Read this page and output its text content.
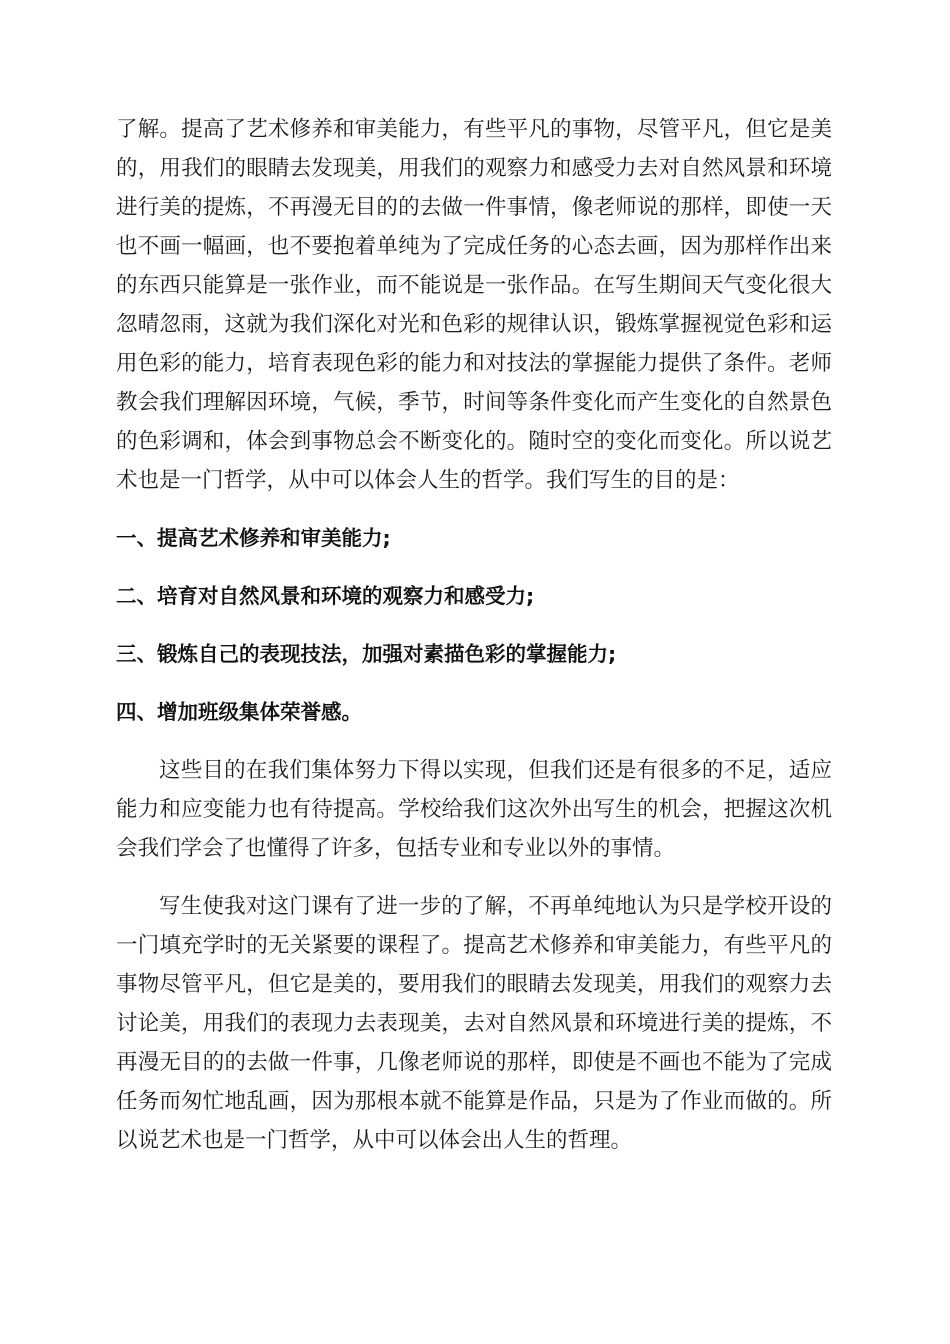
了解。提高了艺术修养和审美能力，有些平凡的事物，尽管平凡，但它是美的，用我们的眼睛去发现美，用我们的观察力和感受力去对自然风景和环境进行美的提炼，不再漫无目的的去做一件事情，像老师说的那样，即使一天也不画一幅画，也不要抱着单纯为了完成任务的心态去画，因为那样作出来的东西只能算是一张作业，而不能说是一张作品。在写生期间天气变化很大忽晴忽雨，这就为我们深化对光和色彩的规律认识，锻炼掌握视觉色彩和运用色彩的能力，培育表现色彩的能力和对技法的掌握能力提供了条件。老师教会我们理解因环境，气候，季节，时间等条件变化而产生变化的自然景色的色彩调和，体会到事物总会不断变化的。随时空的变化而变化。所以说艺术也是一门哲学，从中可以体会人生的哲学。我们写生的目的是：

一、提高艺术修养和审美能力;

二、培育对自然风景和环境的观察力和感受力;

三、锻炼自己的表现技法，加强对素描色彩的掌握能力;

四、增加班级集体荣誉感。

这些目的在我们集体努力下得以实现，但我们还是有很多的不足，适应能力和应变能力也有待提高。学校给我们这次外出写生的机会，把握这次机会我们学会了也懂得了许多，包括专业和专业以外的事情。

写生使我对这门课有了进一步的了解，不再单纯地认为只是学校开设的一门填充学时的无关紧要的课程了。提高艺术修养和审美能力，有些平凡的事物尽管平凡，但它是美的，要用我们的眼睛去发现美，用我们的观察力去讨论美，用我们的表现力去表现美，去对自然风景和环境进行美的提炼，不再漫无目的的去做一件事，几像老师说的那样，即使是不画也不能为了完成任务而匆忙地乱画，因为那根本就不能算是作品，只是为了作业而做的。所以说艺术也是一门哲学，从中可以体会出人生的哲理。
